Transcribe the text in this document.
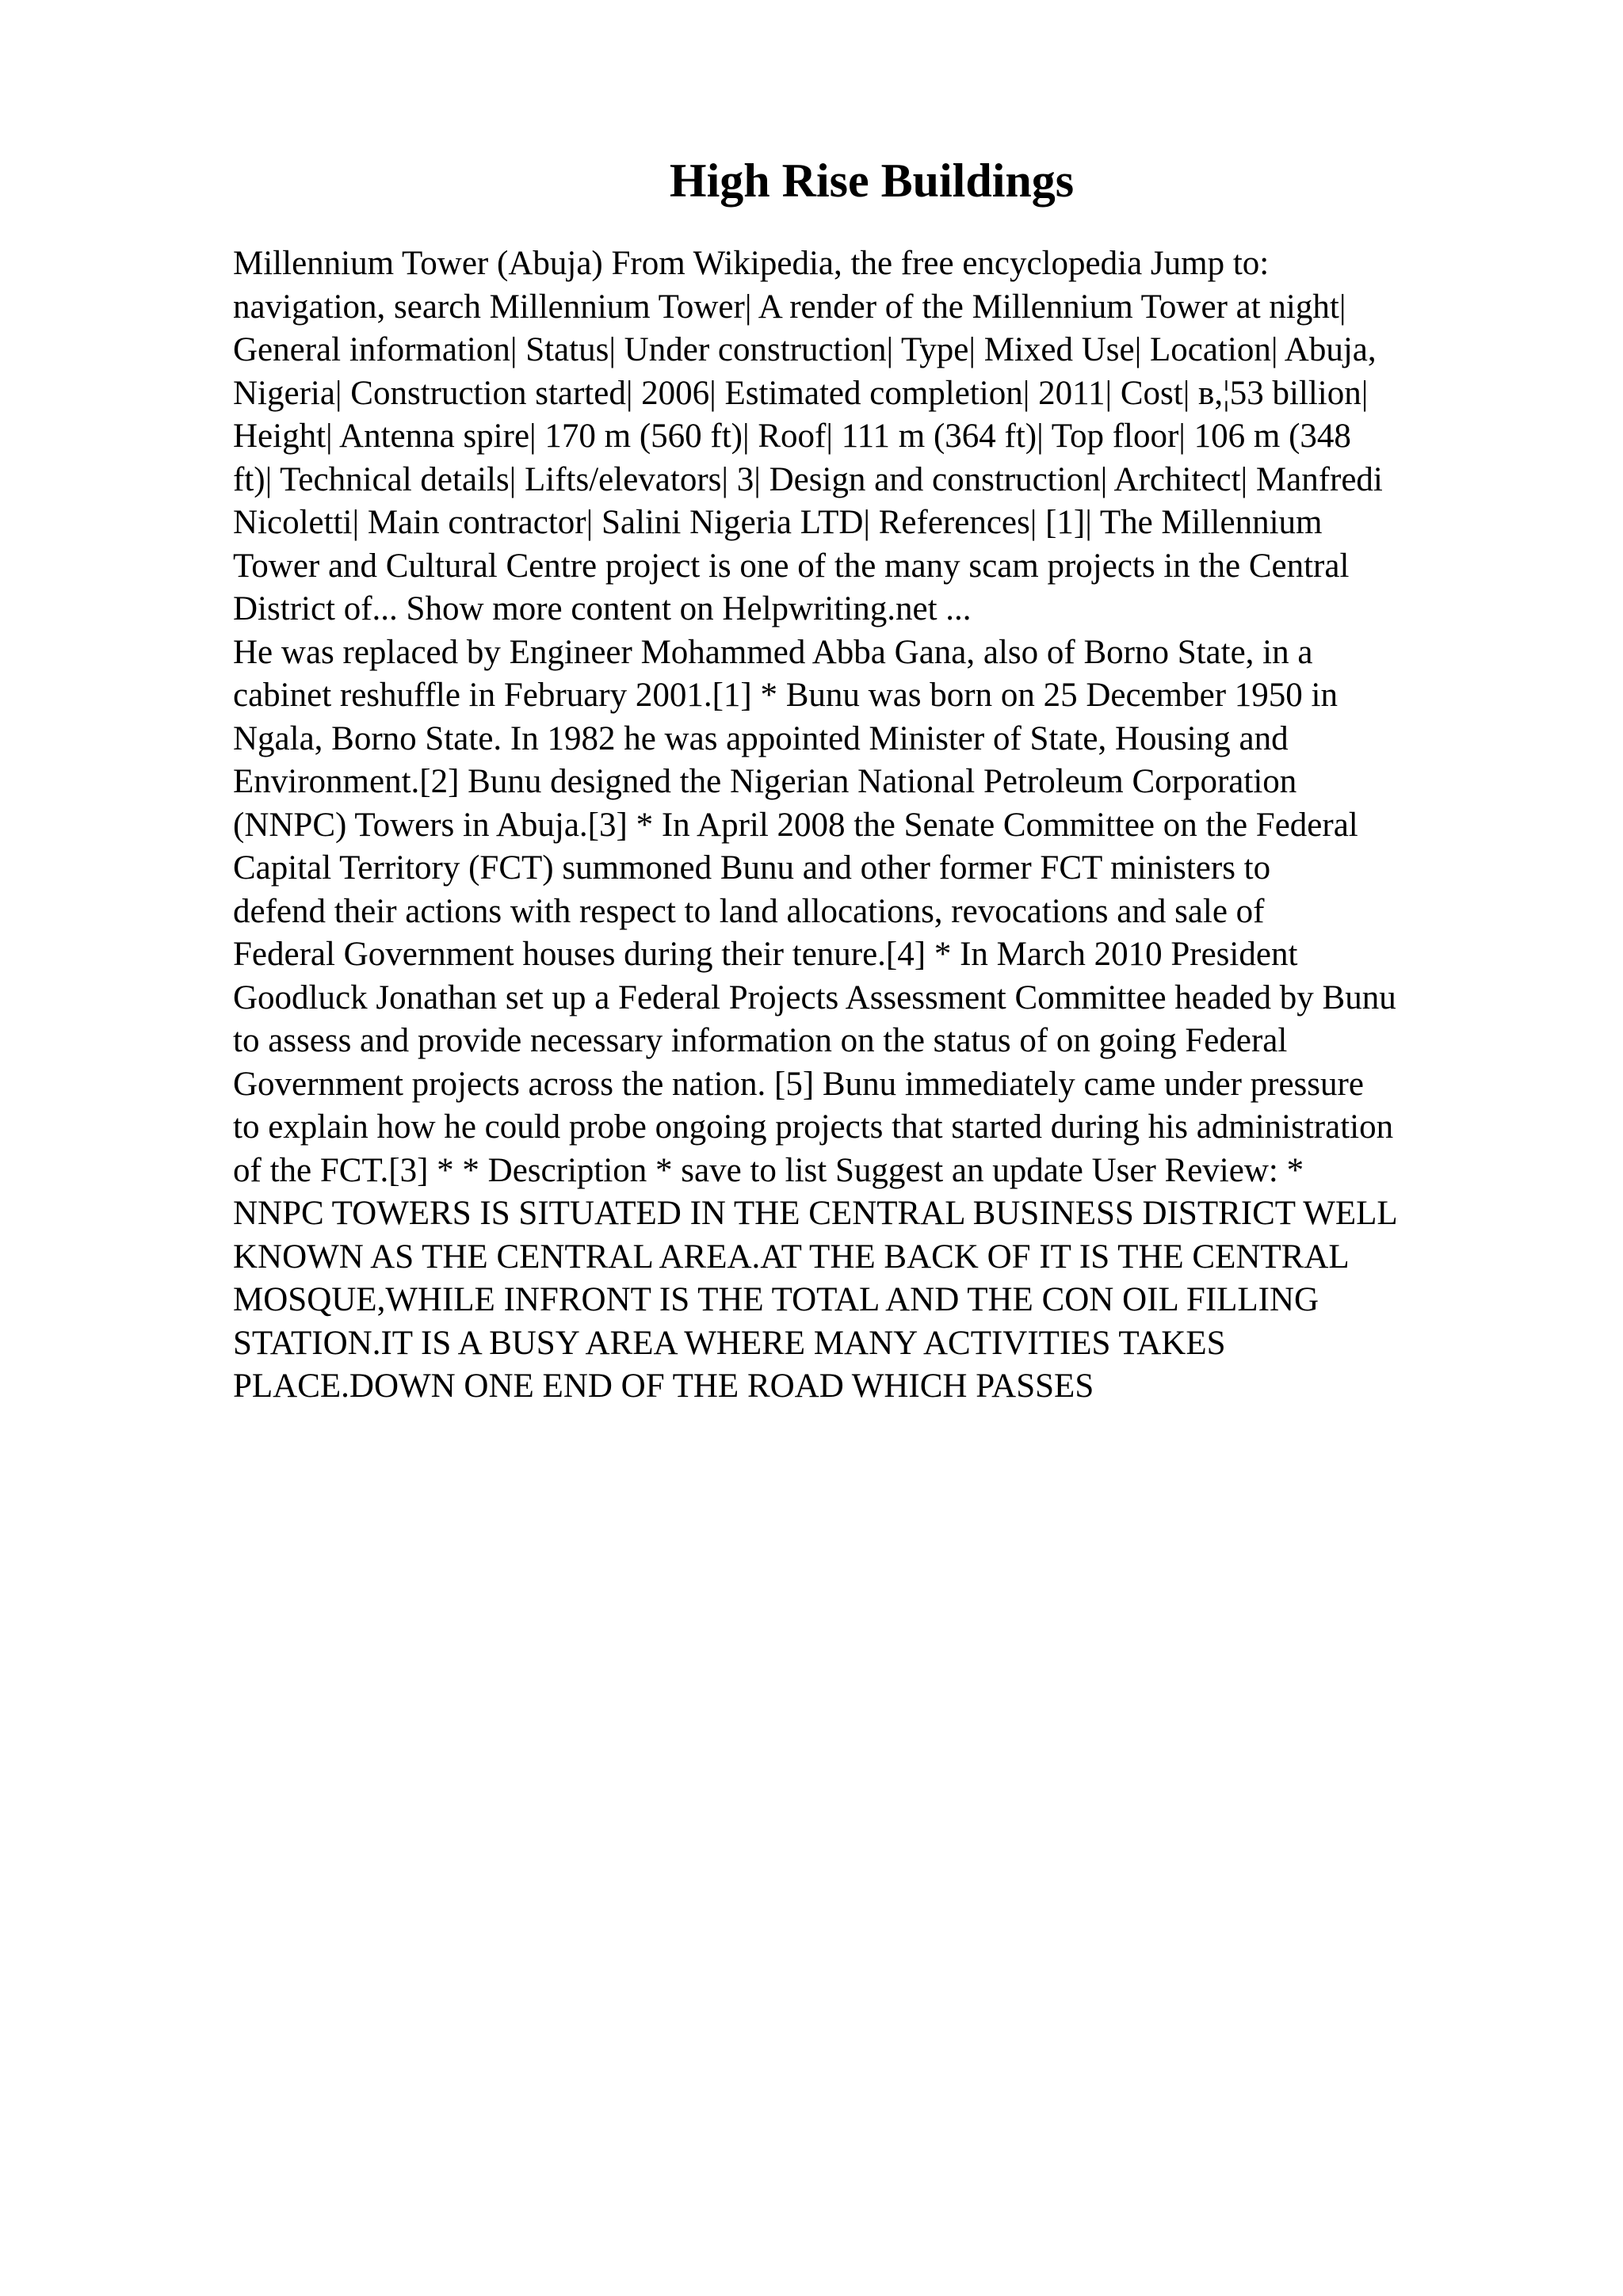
High Rise Buildings

Millennium Tower (Abuja) From Wikipedia, the free encyclopedia Jump to:
navigation, search Millennium Tower| A render of the Millennium Tower at night|
General information| Status| Under construction| Type| Mixed Use| Location| Abuja,
Nigeria| Construction started| 2006| Estimated completion| 2011| Cost| в,¦53 billion|
Height| Antenna spire| 170 m (560 ft)| Roof| 111 m (364 ft)| Top floor| 106 m (348
ft)| Technical details| Lifts/elevators| 3| Design and construction| Architect| Manfredi
Nicoletti| Main contractor| Salini Nigeria LTD| References| [1]| The Millennium
Tower and Cultural Centre project is one of the many scam projects in the Central
District of... Show more content on Helpwriting.net ...

He was replaced by Engineer Mohammed Abba Gana, also of Borno State, in a
cabinet reshuffle in February 2001.[1] * Bunu was born on 25 December 1950 in
Ngala, Borno State. In 1982 he was appointed Minister of State, Housing and
Environment.[2] Bunu designed the Nigerian National Petroleum Corporation
(NNPC) Towers in Abuja.[3] * In April 2008 the Senate Committee on the Federal
Capital Territory (FCT) summoned Bunu and other former FCT ministers to
defend their actions with respect to land allocations, revocations and sale of
Federal Government houses during their tenure.[4] * In March 2010 President
Goodluck Jonathan set up a Federal Projects Assessment Committee headed by Bunu
to assess and provide necessary information on the status of on going Federal
Government projects across the nation. [5] Bunu immediately came under pressure
to explain how he could probe ongoing projects that started during his administration
of the FCT.[3] * * Description * save to list Suggest an update User Review: *
NNPC TOWERS IS SITUATED IN THE CENTRAL BUSINESS DISTRICT WELL
KNOWN AS THE CENTRAL AREA.AT THE BACK OF IT IS THE CENTRAL
MOSQUE,WHILE INFRONT IS THE TOTAL AND THE CON OIL FILLING
STATION.IT IS A BUSY AREA WHERE MANY ACTIVITIES TAKES
PLACE.DOWN ONE END OF THE ROAD WHICH PASSES
